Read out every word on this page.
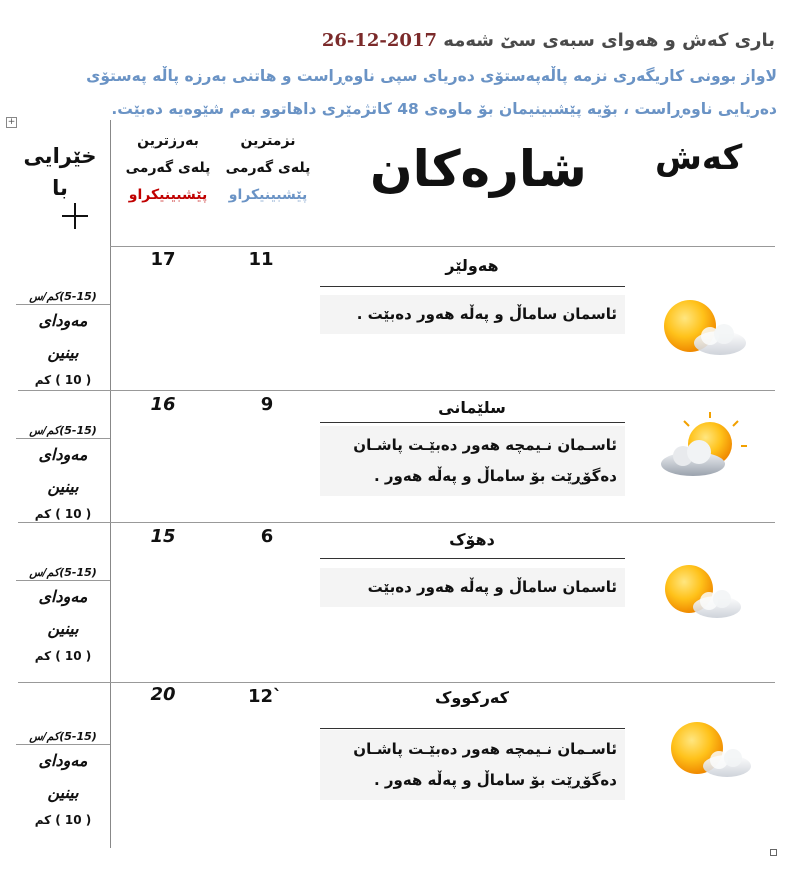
باری کەش و هەوای سبەی سێ شەمە 2017-12-26
لاواز بوونی کاریگەری نزمە پاڵەپەستۆی دەریای سپی ناوەڕاست و هاتنی بەرزە پاڵە پەستۆی
دەریایی ناوەڕاست ، بۆیە پێشبینیمان بۆ ماوەی 48 کاتژمێری داهاتوو بەم شێوەیە دەبێت.
+
کەش
شارەکان
نزمترین
پلەی گەرمی
پێشبینیکراو
بەرزترین
پلەی گەرمی
پێشبینیکراو
خێرایی
با
هەولێر
ئاسمان ساماڵ و پەڵە هەور دەبێت .
11
17
(5-15)کم/س
مەودای
بینین
( 10 ) کم
سلێمانی
ئاسـمان نـیمچە هەور دەبێـت پاشـان
دەگۆڕێت بۆ ساماڵ و پەڵە هەور .
9
16
(5-15)کم/س
مەودای
بینین
( 10 ) کم
دهۆک
ئاسمان ساماڵ و پەڵە هەور دەبێت
6
15
(5-15)کم/س
مەودای
بینین
( 10 ) کم
کەرکووک
ئاسـمان نـیمچە هەور دەبێـت پاشـان
دەگۆڕێت بۆ ساماڵ و پەڵە هەور .
12`
20
(5-15)کم/س
مەودای
بینین
( 10 ) کم
